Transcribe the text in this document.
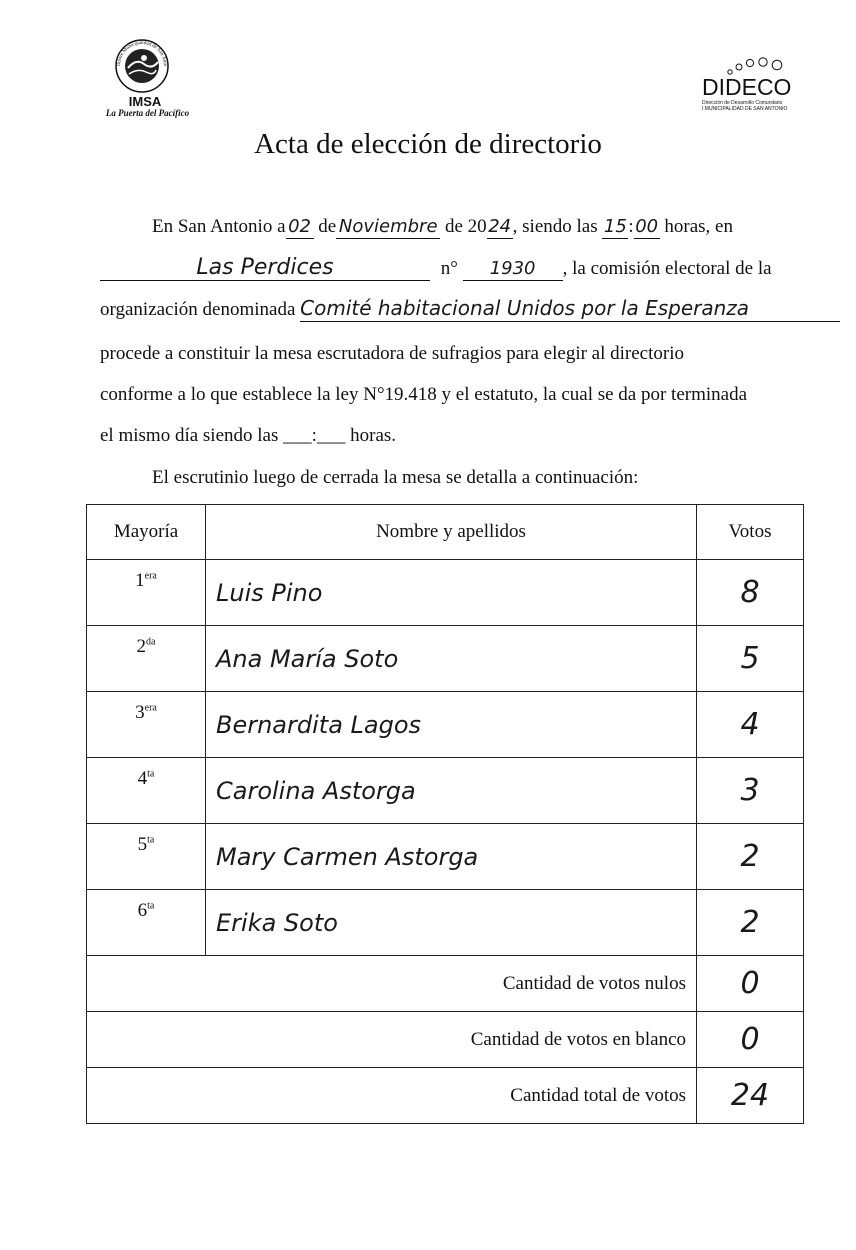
Ilustre Municipalidad de San Anto
IMSA
La Puerta del Pacífico
DIDECO
Dirección de Desarrollo Comunitario
I.MUNICIPALIDAD DE SAN ANTONIO
Acta de elección de directorio
En San Antonio a 02 de Noviembre de 2024, siendo las 15:00 horas, en
Las Perdices	n° 1930 , la comisión electoral de la
organización denominada Comité habitacional Unidos por la Esperanza
procede a constituir la mesa escrutadora de sufragios para elegir al directorio
conforme a lo que establece la ley N°19.418 y el estatuto, la cual se da por terminada
el mismo día siendo las ___:___ horas.
El escrutinio luego de cerrada la mesa se detalla a continuación:
Mayoría	Nombre y apellidos	Votos
$1^{era}$	Luis Pino	8
$2^{da}$	Ana María Soto	5
$3^{era}$	Bernardita Lagos	4
$4^{ta}$	Carolina Astorga	3
$5^{ta}$	Mary Carmen Astorga	2
$6^{ta}$	Erika Soto	2
Cantidad de votos nulos		0
Cantidad de votos en blanco		0
Cantidad total de votos		24
